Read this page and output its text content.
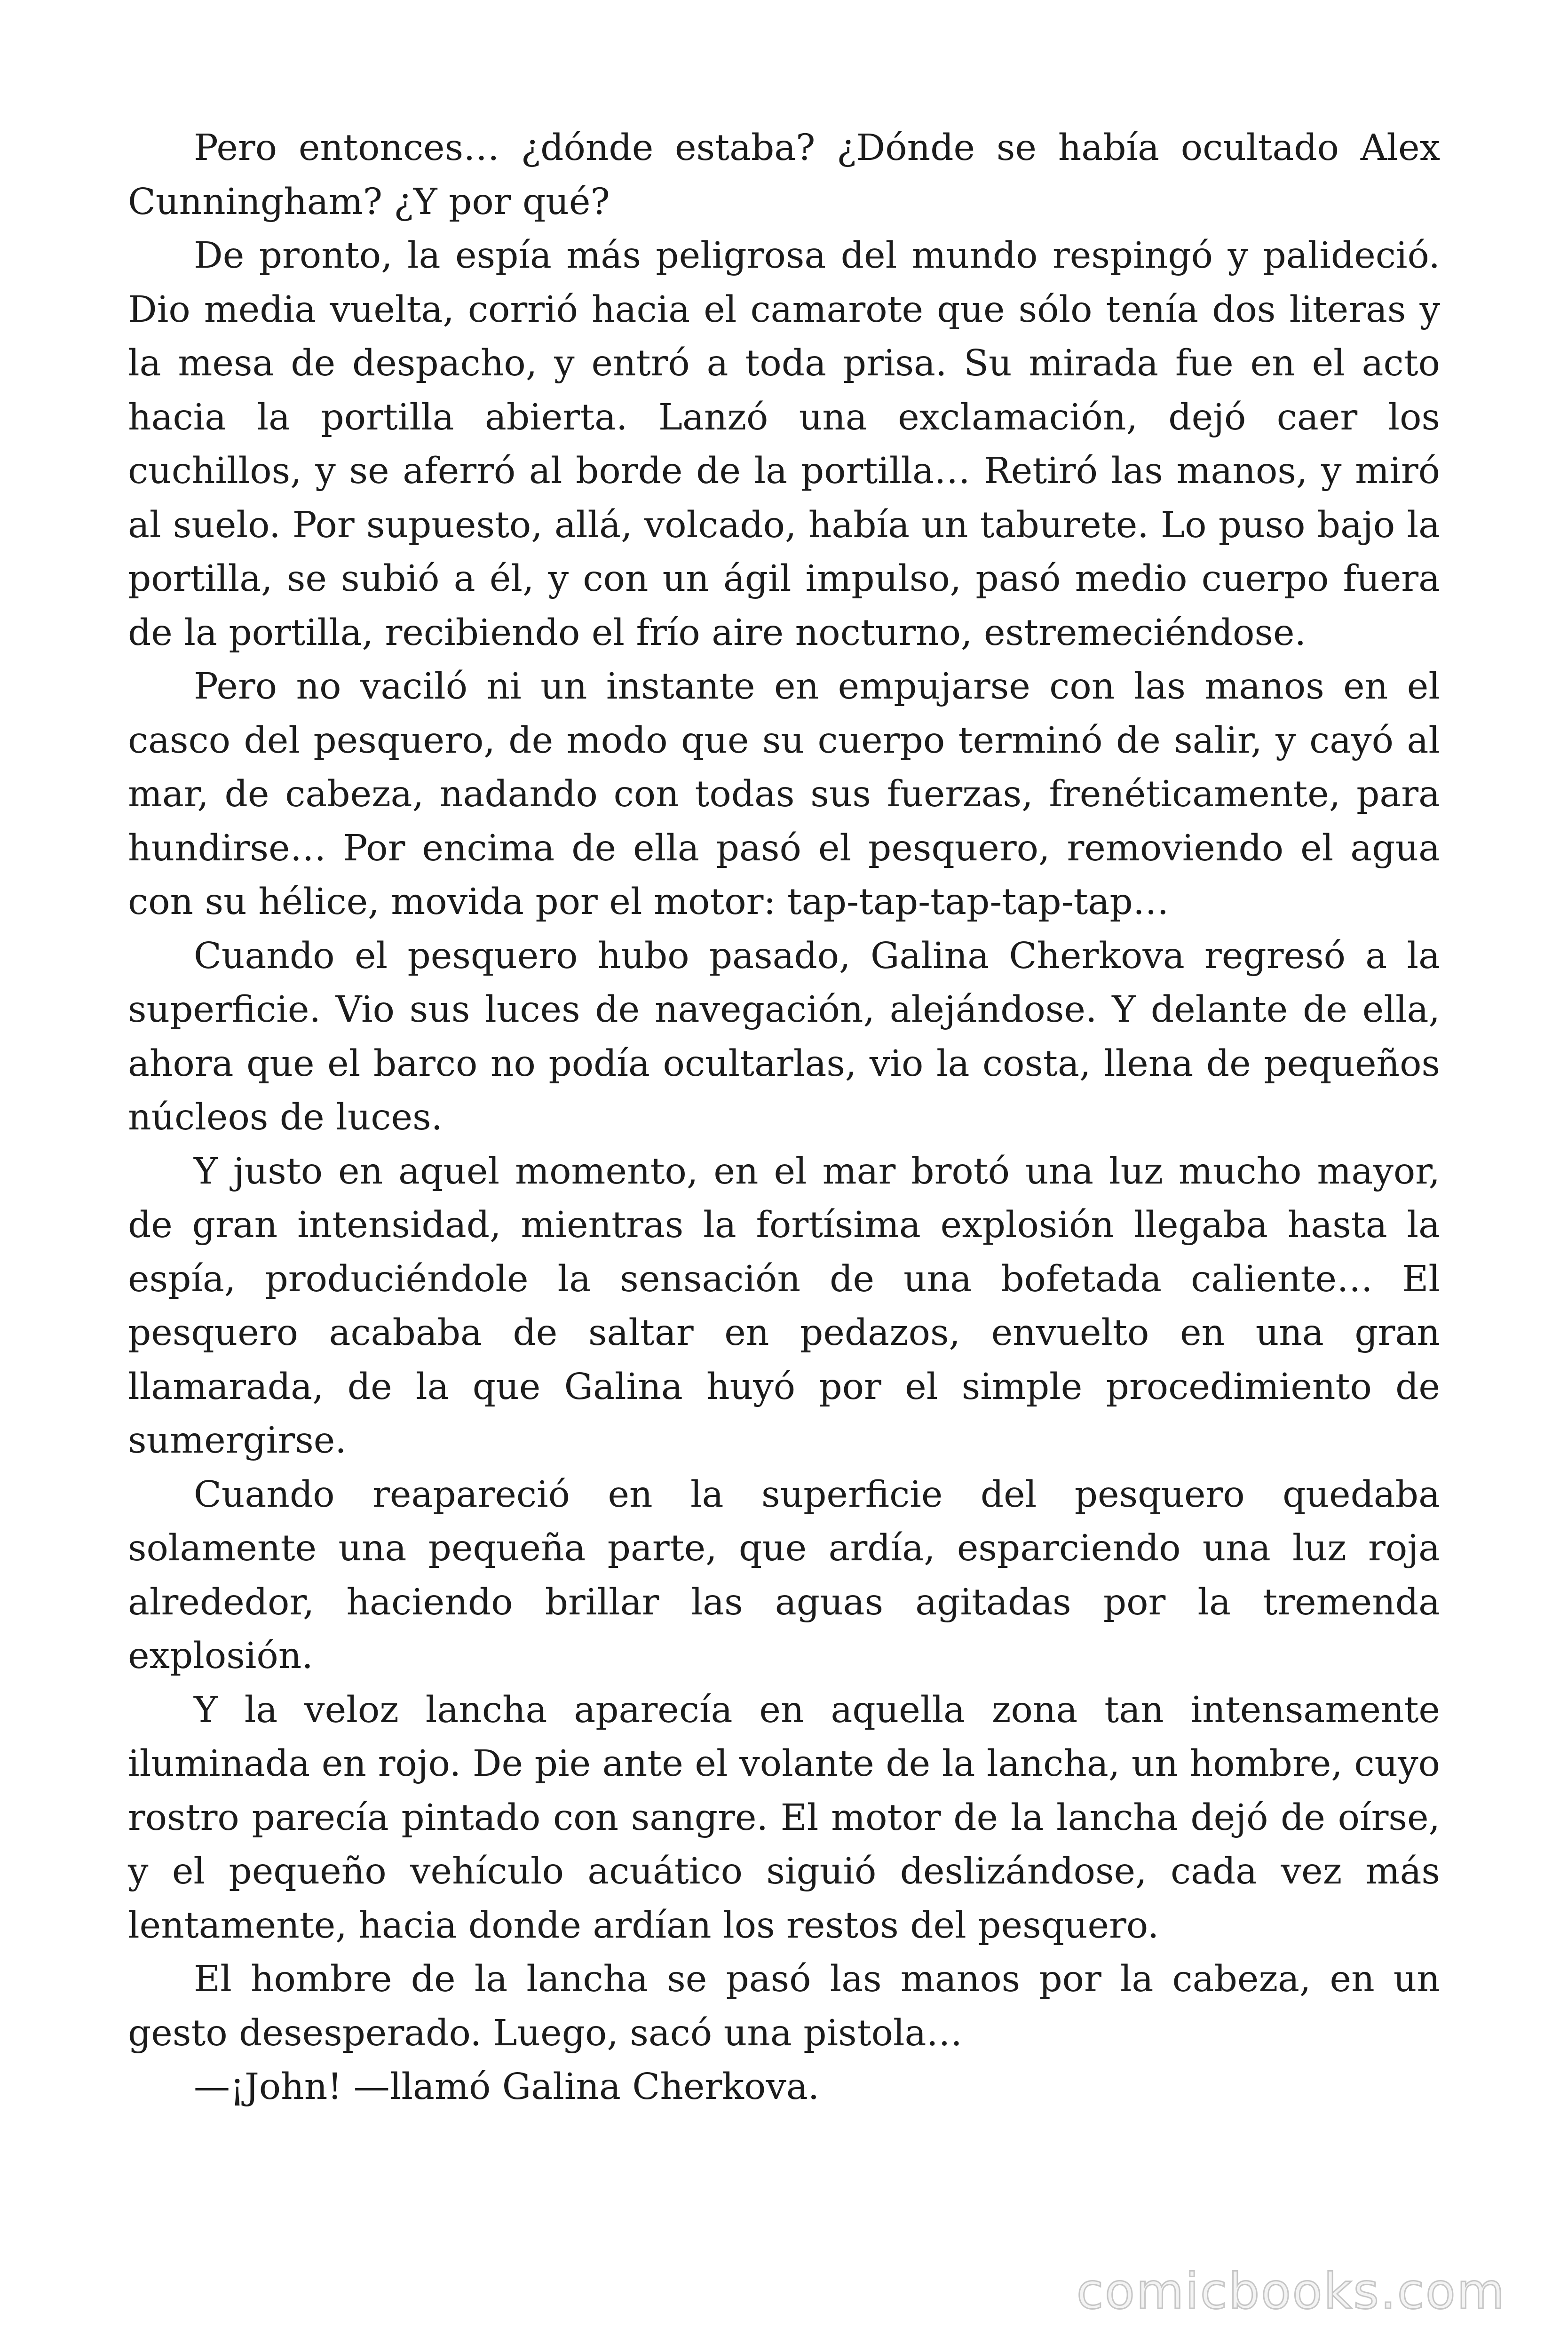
Pero entonces… ¿dónde estaba? ¿Dónde se había ocultado Alex Cunningham? ¿Y por qué?

De pronto, la espía más peligrosa del mundo respingó y palideció. Dio media vuelta, corrió hacia el camarote que sólo tenía dos literas y la mesa de despacho, y entró a toda prisa. Su mirada fue en el acto hacia la portilla abierta. Lanzó una exclamación, dejó caer los cuchillos, y se aferró al borde de la portilla… Retiró las manos, y miró al suelo. Por supuesto, allá, volcado, había un taburete. Lo puso bajo la portilla, se subió a él, y con un ágil impulso, pasó medio cuerpo fuera de la portilla, recibiendo el frío aire nocturno, estremeciéndose.

Pero no vaciló ni un instante en empujarse con las manos en el casco del pesquero, de modo que su cuerpo terminó de salir, y cayó al mar, de cabeza, nadando con todas sus fuerzas, frenéticamente, para hundirse… Por encima de ella pasó el pesquero, removiendo el agua con su hélice, movida por el motor: tap-tap-tap-tap-tap…

Cuando el pesquero hubo pasado, Galina Cherkova regresó a la superficie. Vio sus luces de navegación, alejándose. Y delante de ella, ahora que el barco no podía ocultarlas, vio la costa, llena de pequeños núcleos de luces.

Y justo en aquel momento, en el mar brotó una luz mucho mayor, de gran intensidad, mientras la fortísima explosión llegaba hasta la espía, produciéndole la sensación de una bofetada caliente… El pesquero acababa de saltar en pedazos, envuelto en una gran llamarada, de la que Galina huyó por el simple procedimiento de sumergirse.

Cuando reapareció en la superficie del pesquero quedaba solamente una pequeña parte, que ardía, esparciendo una luz roja alrededor, haciendo brillar las aguas agitadas por la tremenda explosión.

Y la veloz lancha aparecía en aquella zona tan intensamente iluminada en rojo. De pie ante el volante de la lancha, un hombre, cuyo rostro parecía pintado con sangre. El motor de la lancha dejó de oírse, y el pequeño vehículo acuático siguió deslizándose, cada vez más lentamente, hacia donde ardían los restos del pesquero.

El hombre de la lancha se pasó las manos por la cabeza, en un gesto desesperado. Luego, sacó una pistola…

—¡John! —llamó Galina Cherkova.

comicbooks.com
